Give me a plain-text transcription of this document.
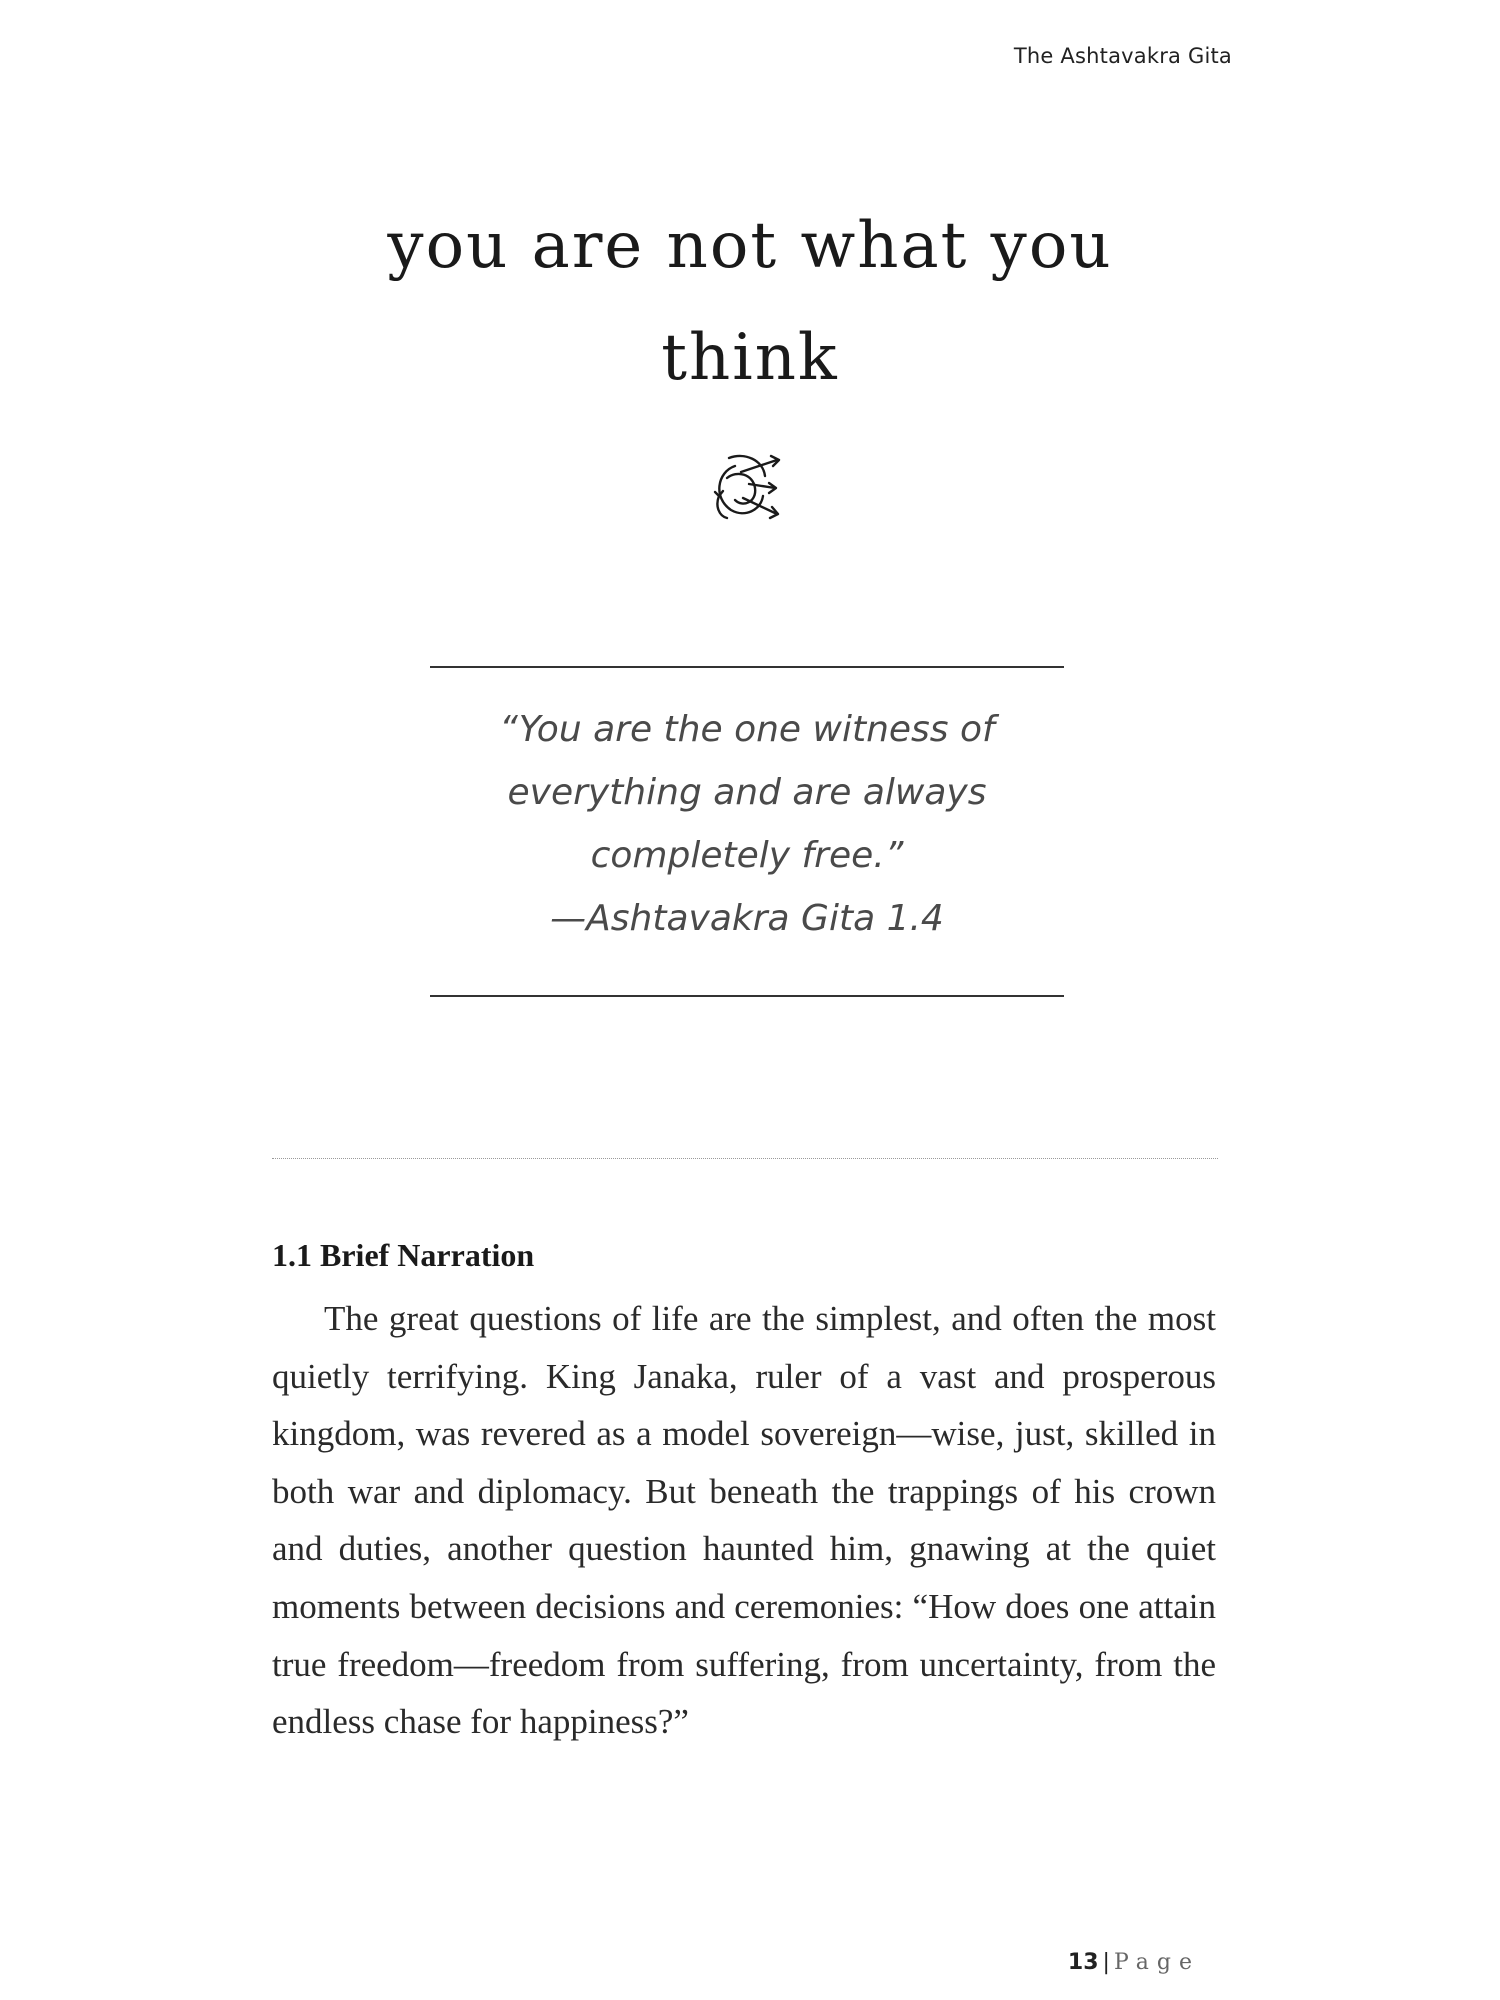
The Ashtavakra Gita
you are not what you
think
“You are the one witness of
everything and are always
completely free.”
—Ashtavakra Gita 1.4
1.1 Brief Narration

The great questions of life are the simplest, and often the most quietly terrifying. King Janaka, ruler of a vast and prosperous kingdom, was revered as a model sovereign—wise, just, skilled in both war and diplomacy. But beneath the trappings of his crown and duties, another question haunted him, gnawing at the quiet moments between decisions and ceremonies: “How does one attain true freedom—freedom from suffering, from uncertainty, from the endless chase for happiness?”

13 | Page
